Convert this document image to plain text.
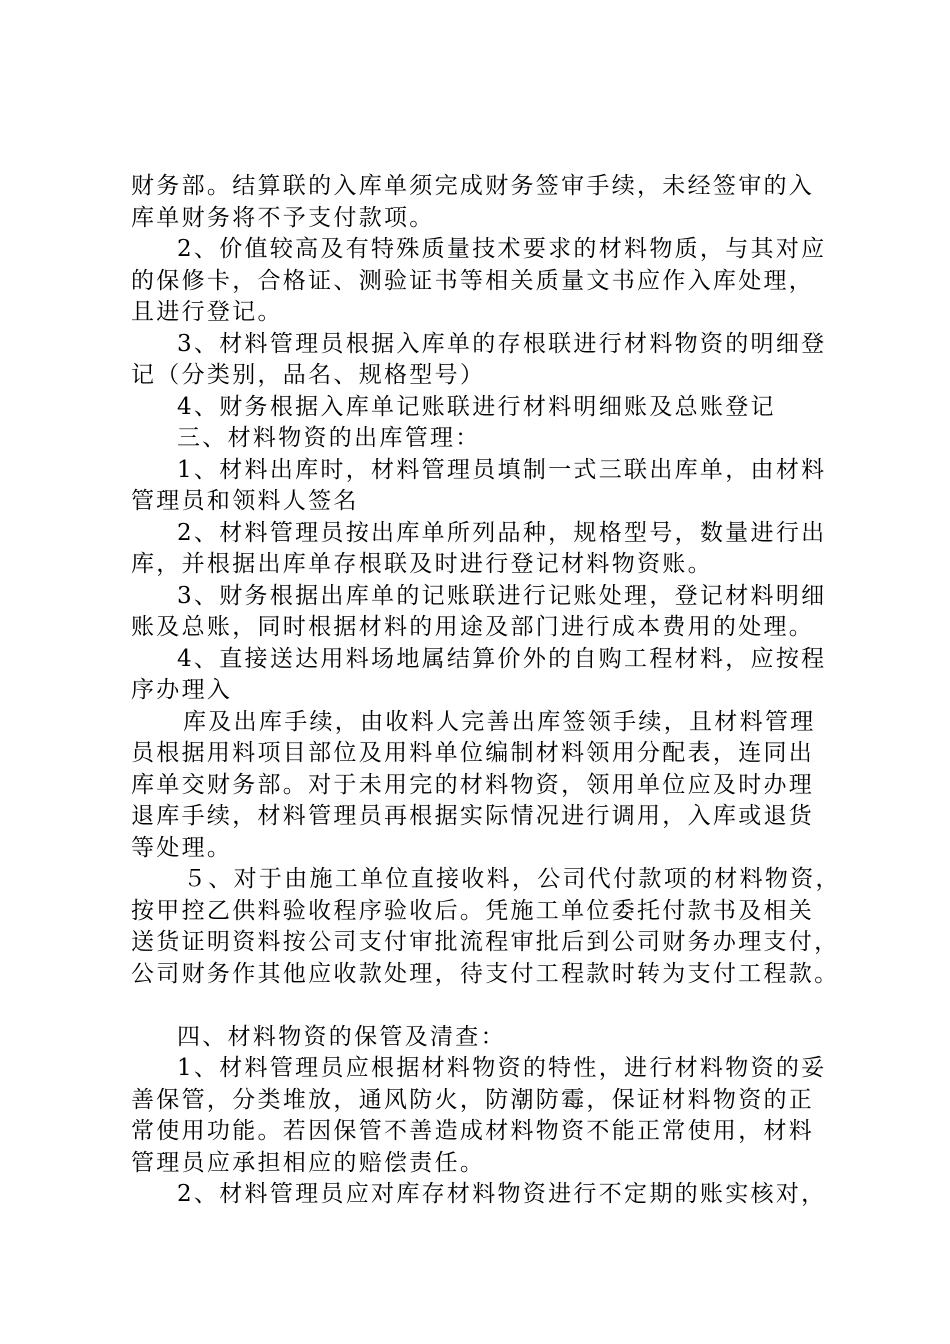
财务部。结算联的入库单须完成财务签审手续，未经签审的入
库单财务将不予支付款项。
2、价值较高及有特殊质量技术要求的材料物质，与其对应
的保修卡，合格证、测验证书等相关质量文书应作入库处理，
且进行登记。
3、材料管理员根据入库单的存根联进行材料物资的明细登
记（分类别，品名、规格型号）
4、财务根据入库单记账联进行材料明细账及总账登记
三、材料物资的出库管理：
1、材料出库时，材料管理员填制一式三联出库单，由材料
管理员和领料人签名
2、材料管理员按出库单所列品种，规格型号，数量进行出
库，并根据出库单存根联及时进行登记材料物资账。
3、财务根据出库单的记账联进行记账处理，登记材料明细
账及总账，同时根据材料的用途及部门进行成本费用的处理。
4、直接送达用料场地属结算价外的自购工程材料，应按程
序办理入
库及出库手续，由收料人完善出库签领手续，且材料管理
员根据用料项目部位及用料单位编制材料领用分配表，连同出
库单交财务部。对于未用完的材料物资，领用单位应及时办理
退库手续，材料管理员再根据实际情况进行调用，入库或退货
等处理。
５、对于由施工单位直接收料，公司代付款项的材料物资，
按甲控乙供料验收程序验收后。凭施工单位委托付款书及相关
送货证明资料按公司支付审批流程审批后到公司财务办理支付，
公司财务作其他应收款处理，待支付工程款时转为支付工程款。
四、材料物资的保管及清查：
1、材料管理员应根据材料物资的特性，进行材料物资的妥
善保管，分类堆放，通风防火，防潮防霉，保证材料物资的正
常使用功能。若因保管不善造成材料物资不能正常使用，材料
管理员应承担相应的赔偿责任。
2、材料管理员应对库存材料物资进行不定期的账实核对，
